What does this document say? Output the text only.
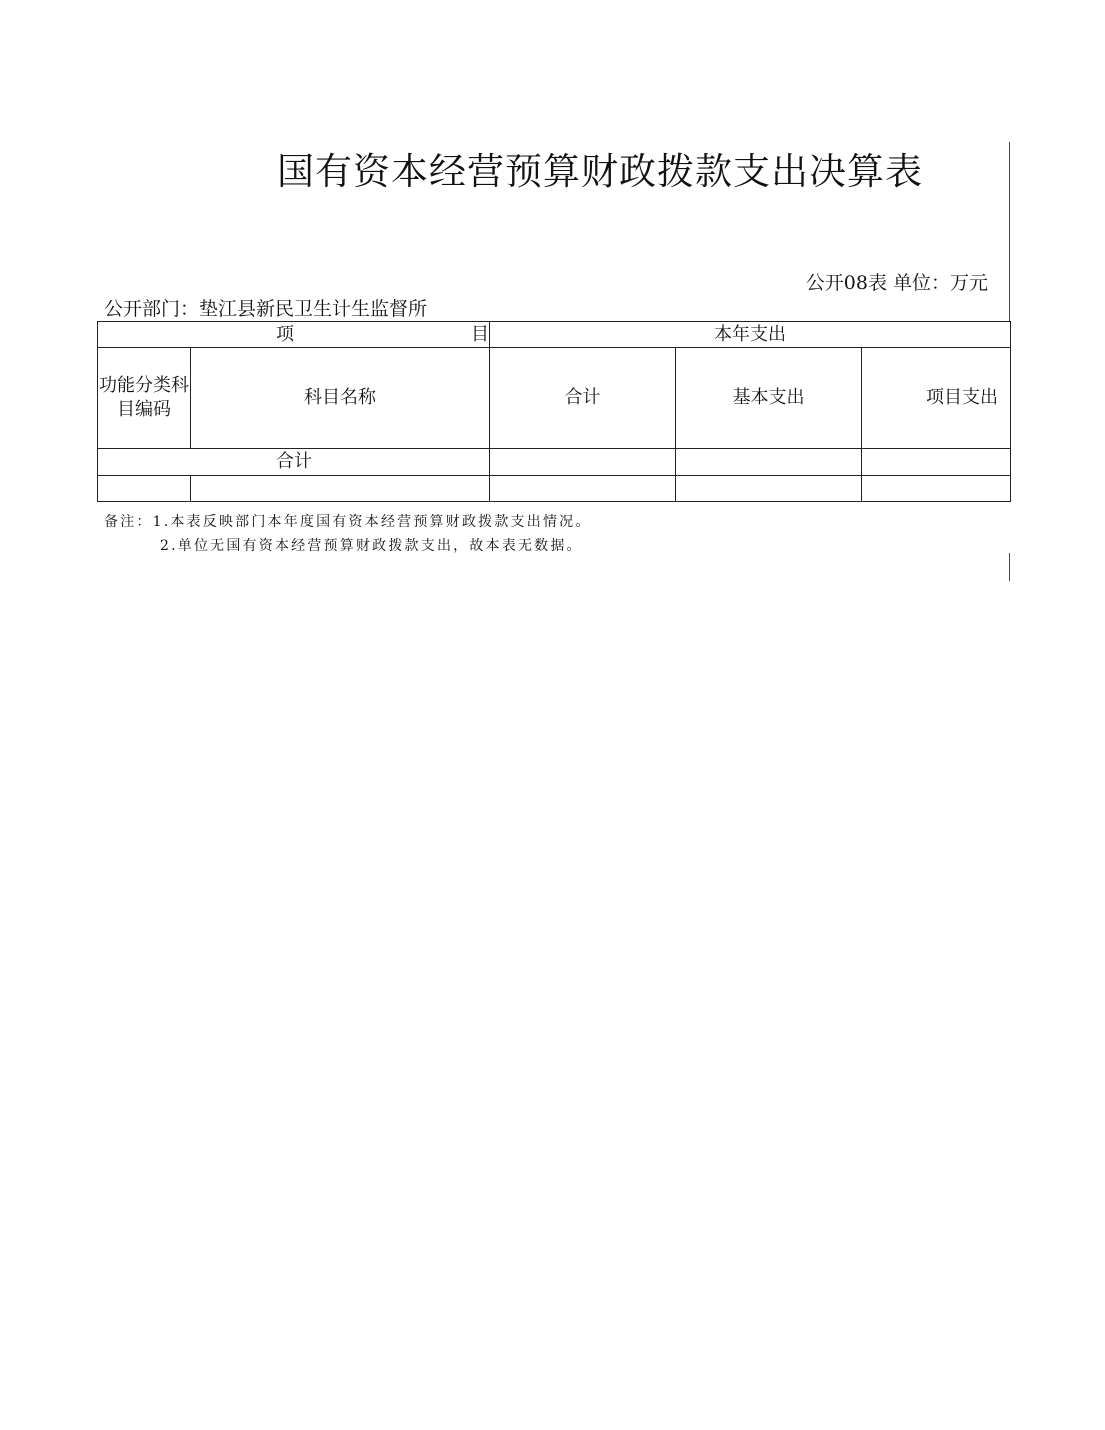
国有资本经营预算财政拨款支出决算表
公开08表 单位：万元
公开部门：垫江县新民卫生计生监督所
项 目		本年支出		
功能分类科目编码	科目名称	合计	基本支出	项目支出
合计				

备注：1.本表反映部门本年度国有资本经营预算财政拨款支出情况。
2.单位无国有资本经营预算财政拨款支出，故本表无数据。
